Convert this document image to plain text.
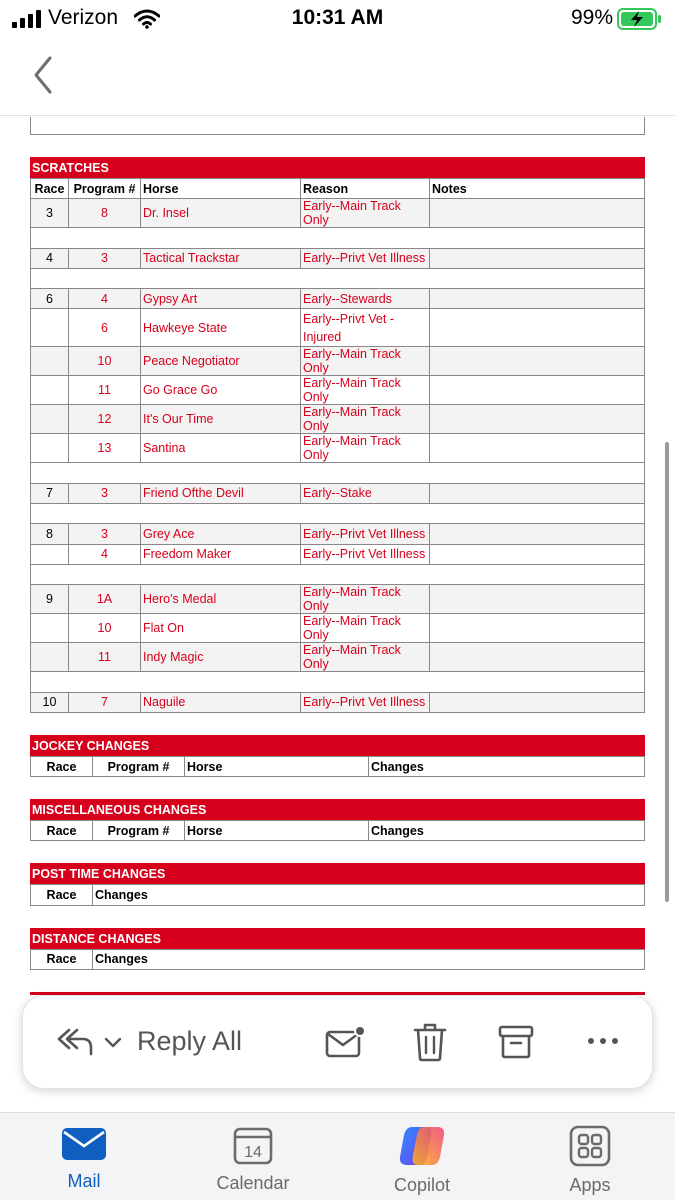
Verizon	10:31 AM	99%
SCRATCHES
Race	Program #	Horse	Reason	Notes
3	8	Dr. Insel	Early--Main Track Only	

4	3	Tactical Trackstar	Early--Privt Vet Illness	

6	4	Gypsy Art	Early--Stewards	
	6	Hawkeye State	Early--Privt Vet - Injured	
	10	Peace Negotiator	Early--Main Track Only	
	11	Go Grace Go	Early--Main Track Only	
	12	It's Our Time	Early--Main Track Only	
	13	Santina	Early--Main Track Only	

7	3	Friend Ofthe Devil	Early--Stake	

8	3	Grey Ace	Early--Privt Vet Illness	
	4	Freedom Maker	Early--Privt Vet Illness	

9	1A	Hero's Medal	Early--Main Track Only	
	10	Flat On	Early--Main Track Only	
	11	Indy Magic	Early--Main Track Only	

10	7	Naguile	Early--Privt Vet Illness	
JOCKEY CHANGES
Race	Program #	Horse	Changes
MISCELLANEOUS CHANGES
Race	Program #	Horse	Changes
POST TIME CHANGES
Race	Changes
DISTANCE CHANGES
Race	Changes

Reply All
Mail
14
Calendar	Copilot	Apps
